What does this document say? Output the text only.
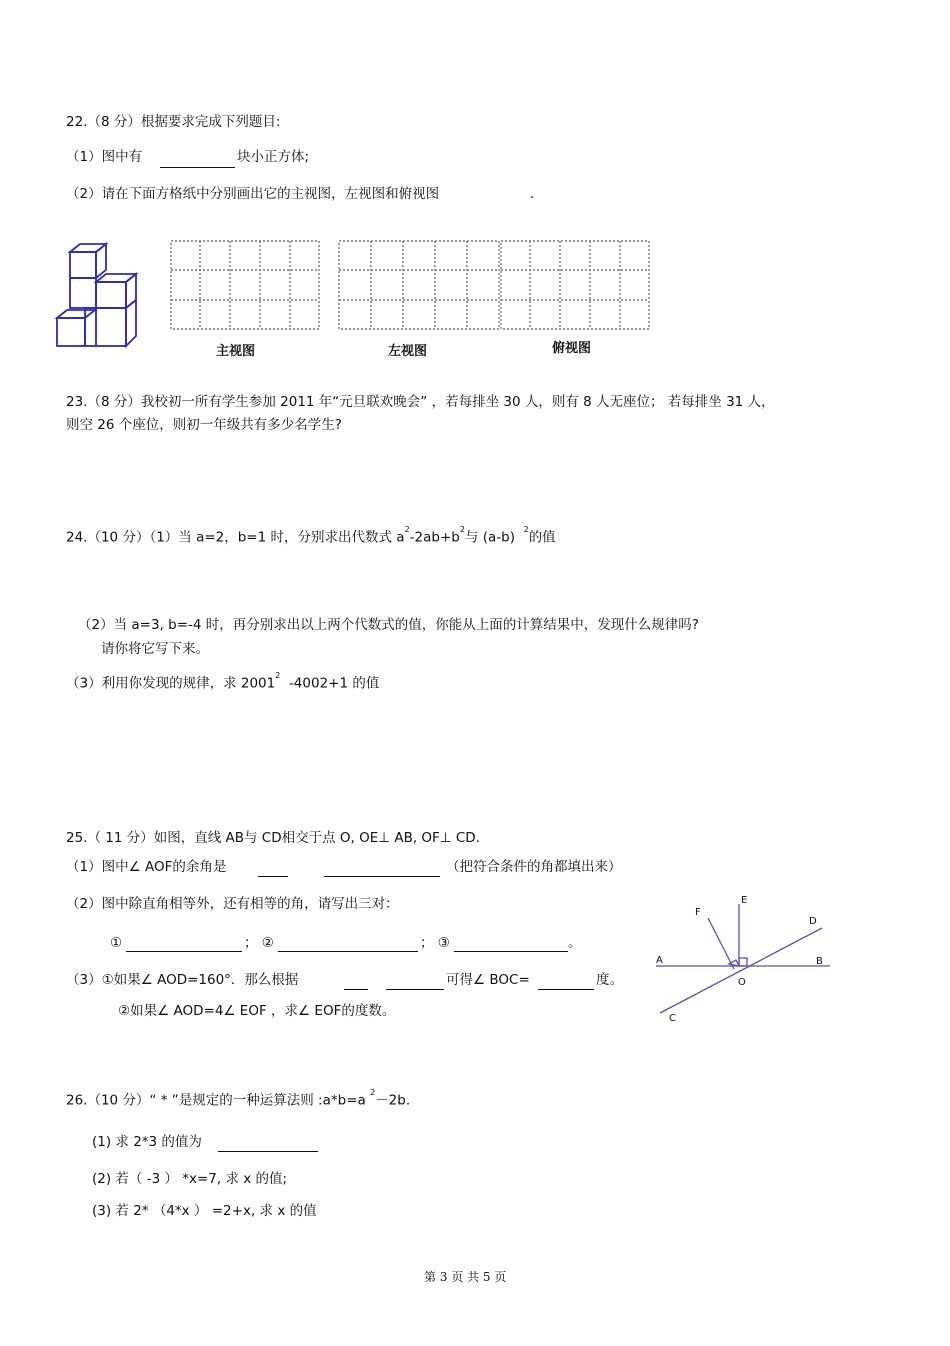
22.（8 分）根据要求完成下列题目:
（1）图中有	块小正方体;
（2）请在下面方格纸中分别画出它的主视图，左视图和俯视图	.
主视图	左视图	俯视图
23.（8 分）我校初一所有学生参加 2011 年“元旦联欢晚会” ，若每排坐 30 人，则有 8 人无座位； 若每排坐 31 人，
则空 26 个座位，则初一年级共有多少名学生?
24.（10 分）（1）当 a=2，b=1 时，分别求出代数式 $a^2-2ab+b^2$与 (a-b) $^2$的值
（2）当 a=3, b=-4 时，再分别求出以上两个代数式的值，你能从上面的计算结果中，发现什么规律吗?
请你将它写下来。
（3）利用你发现的规律，求 2001$^2$ -4002+1 的值
25.（ 11 分）如图，直线 AB与 CD相交于点 O, OE⊥ AB, OF⊥ CD.
（1）图中∠ AOF的余角是	（把符合条件的角都填出来）
（2）图中除直角相等外，还有相等的角，请写出三对：
①	； ②	； ③	。
（3）①如果∠ AOD=160°．那么根据	可得∠ BOC=	度。
②如果∠ AOD=4∠ EOF ，求∠ EOF的度数。
E
F
D
A	B
O
C
26.（10 分）“ * ”是规定的一种运算法则 :a*b=a $^2$－2b.
(1) 求 2*3 的值为
(2) 若（ -3 ） *x=7, 求 x 的值;
(3) 若 2* （4*x ） =2+x, 求 x 的值
第 3 页 共 5 页
